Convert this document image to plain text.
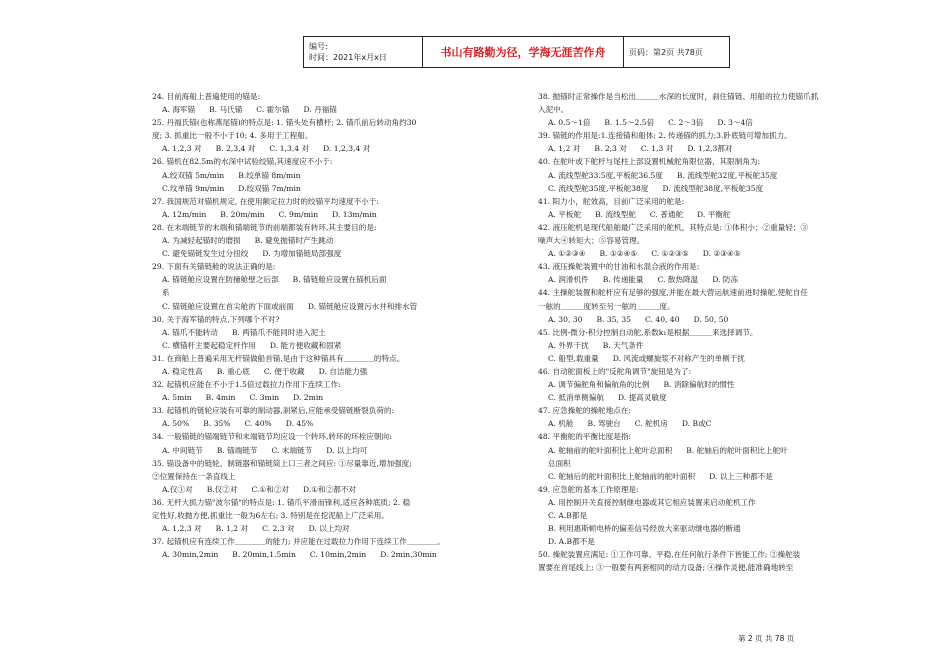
编号:
时间：2021年x月x日	书山有路勤为径，学海无涯苦作舟	页码：第2页 共78页
24. 目前海船上普遍使用的锚是:
A. 海军锚 B. 马氏锚 C. 霍尔锚 D. 丹福锚
25. 丹福氏锚(也称燕尾锚)的特点是: 1. 锚头处有横杆; 2. 锚爪前后转动角约30
度; 3. 抓重比一般不小于10; 4. 多用于工程船。
A. 1,2,3 对 B. 2,3,4 对 C. 1,3,4 对 D. 1,2,3,4 对
26. 锚机在82.5m的水深中试验绞锚,其速度应不小于:
A.绞双锚 5m/min B.绞单锚 8m/min
C.纹单锚 9m/min D.绞双锚 7m/min
27. 我国规范对锚机规定, 在使用额定拉力时的绞锚平均速度不小于:
A. 12m/min B. 20m/min C. 9m/min D. 13m/min
28. 在末端链节的末端和锚端链节的前端都装有转环,其主要目的是:
A. 为减轻起锚时的磨损 B. 避免抛锚时产生跳动
C. 避免锚链发生过分扭绞 D. 为增加锚链局部强度
29. 下面有关锚链舱的说法正确的是:
A. 锚链舱应设置在防撞舱壁之后部 B. 锚链舱应设置在锚机后面
系
C. 锚链舱应设置在首尖舱的下面或前面 D. 锚链舱应设置污水井和排水管
30. 关于海军锚的特点,下列哪个不对?
A. 锚爪不能转动 B. 两锚爪不能同时进入泥土
C. 横锚杆主要起稳定杆作用 D. 能方便收藏和固紧
31. 在商船上普遍采用无杆锚做船首锚,是由于这种锚具有＿＿＿＿的特点。
A. 稳定性高 B. 重心底 C. 便于收藏 D. 自洁能力强
32. 起锚机应能在不小于1.5倍过载拉力作用下连续工作:
A. 5min B. 4min C. 3min D. 2min
33. 起锚机的链轮应装有可靠的制动器,刹紧后,应能承受锚链断裂负荷的:
A. 50% B. 35% C. 40% D. 45%
34. 一般锚链的锚端链节和末端链节均应设一个转环,转环的环栓应朝向:
A. 中间链节 B. 锚端链节 C. 末端链节 D. 以上均可
35. 锚设备中的链轮、制链器和锚链筒上口三者之间应: ①尽量靠近,增加强度;
②位置保持在一条直线上
A.仅①对 B.仅②对 C.①和②对 D.①和②都不对
36. 无杆大抓力锚"波尔锚"的特点是: 1. 锚爪平滑而锋利,适应各种底质; 2. 稳
定性好,收抛方便,抓重比一般为6左右; 3. 特别是在挖泥船上广泛采用。
A. 1,2,3 对 B. 1,2 对 C. 2,3 对 D. 以上均对
37. 起锚机应有连续工作＿＿＿＿的能力; 并应能在过载拉力作用下连续工作＿＿＿＿。
A. 30min,2min B. 20min,1.5min C. 10min,2min D. 2min,30min
38. 抛锚时正常操作是当松出＿＿＿水深的长度时，刹住锚链、用船的拉力使锚爪抓
入泥中。
A. 0.5～1倍 B. 1.5～2.5倍 C. 2～3倍 D. 3～4倍
39. 锚链的作用是:1.连接锚和船体; 2. 传递锚的抓力;3.卧底链可增加抓力。
A. 1,2 对 B. 2,3 对 C. 1,3 对 D. 1,2,3都对
40. 在舵叶或下舵杆与尾柱上部设置机械舵角限位器，其限制角为:
A. 流线型舵33.5度,平板舵36.5度 B. 流线型舵32度,平板舵35度
C. 流线型舵35度,平板舵38度 D. 流线型舵38度,平板舵35度
41. 阳力小，舵效高，目前广泛采用的舵是:
A. 平板舵 B. 流线型舵 C. 普通舵 D. 平衡舵
42. 液压舵机是现代船舶最广泛采用的舵机，其特点是: ①体积小；②重量轻；③
噪声大④转矩大；⑤容易管理。
A. ①②③④ B. ①②④⑤ C. ①②③⑤ D. ②③④⑤
43. 液压操舵装置中的甘油和水混合液的作用是:
A. 润滑机件 B. 传递能量 C. 散热降温 D. 防冻
44. 主操舵装置和舵杆应有足够的强度,并能在最大营运航速前进时操舵,使舵自任
一舷的＿＿＿度转至另一舷的＿＿＿度。
A. 30, 30 B. 35, 35 C. 40, 40 D. 50, 50
45. 比例-微分-积分控制自动舵,系数k₁是根据＿＿＿来选择调节。
A. 外界干扰 B. 天气条件
C. 船型,载重量 D. 风流或螺旋浆不对称产生的单侧干扰
46. 自动舵面板上的"反舵角调节"旋钮是为了:
A. 调节偏舵角和偏航角的比例 B. 消除偏航时的惯性
C. 抵消单侧偏航 D. 提高灵敏度
47. 应急操舵的操舵地点在:
A. 机舱 B. 驾驶台 C. 舵机房 D. B或C
48. 平衡舵的平衡比度是指:
A. 舵轴前的舵叶面积比上舵叶总面积 B. 舵轴后的舵叶面积比上舵叶
总面积
C. 舵轴后的舵叶面积比上舵轴前的舵叶面积 D. 以上三种都不是
49. 应急舵的基本工作原理是:
A. 用控制开关直接控制继电器或其它相应装置来启动舵机工作
C. A.B都是
B. 利用惠斯顿电桥的偏差信号经放大来驱动继电器的断通
D. A.B都不是
50. 操舵装置应满足: ①工作可靠、平稳,在任何航行条件下皆能工作; ②操舵装
置要在首尾线上; ③一般要有两套相同的动力设备; ④操作灵便,能准确地转至
第 2 页 共 78 页
